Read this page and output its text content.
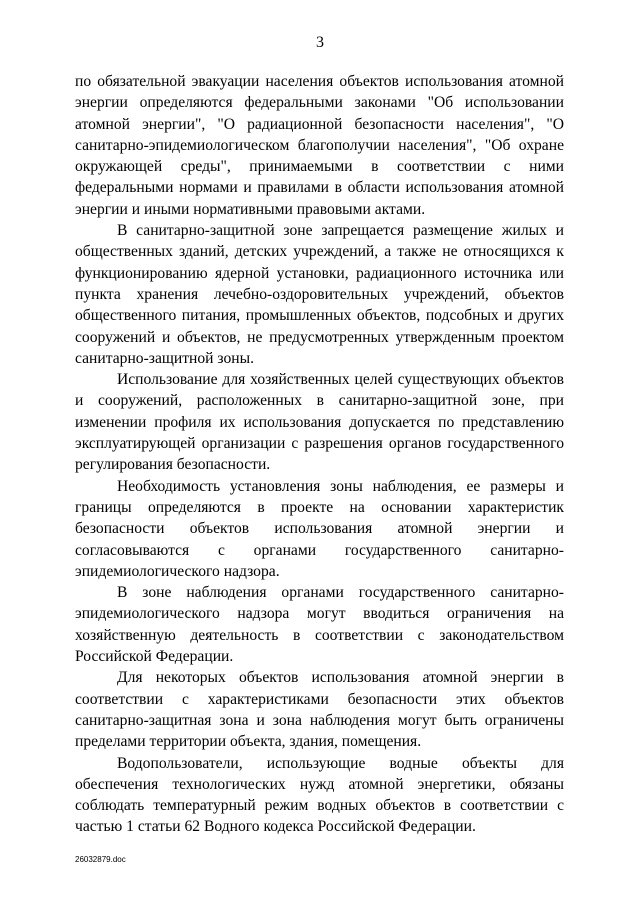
3

по обязательной эвакуации населения объектов использования атомной энергии определяются федеральными законами "Об использовании атомной энергии", "О радиационной безопасности населения", "О санитарно-эпидемиологическом благополучии населения", "Об охране окружающей среды", принимаемыми в соответствии с ними федеральными нормами и правилами в области использования атомной энергии и иными нормативными правовыми актами.

В санитарно-защитной зоне запрещается размещение жилых и общественных зданий, детских учреждений, а также не относящихся к функционированию ядерной установки, радиационного источника или пункта хранения лечебно-оздоровительных учреждений, объектов общественного питания, промышленных объектов, подсобных и других сооружений и объектов, не предусмотренных утвержденным проектом санитарно-защитной зоны.

Использование для хозяйственных целей существующих объектов и сооружений, расположенных в санитарно-защитной зоне, при изменении профиля их использования допускается по представлению эксплуатирующей организации с разрешения органов государственного регулирования безопасности.

Необходимость установления зоны наблюдения, ее размеры и границы определяются в проекте на основании характеристик безопасности объектов использования атомной энергии и согласовываются с органами государственного санитарно-эпидемиологического надзора.

В зоне наблюдения органами государственного санитарно-эпидемиологического надзора могут вводиться ограничения на хозяйственную деятельность в соответствии с законодательством Российской Федерации.

Для некоторых объектов использования атомной энергии в соответствии с характеристиками безопасности этих объектов санитарно-защитная зона и зона наблюдения могут быть ограничены пределами территории объекта, здания, помещения.

Водопользователи, использующие водные объекты для обеспечения технологических нужд атомной энергетики, обязаны соблюдать температурный режим водных объектов в соответствии с частью 1 статьи 62 Водного кодекса Российской Федерации.

26032879.doc
